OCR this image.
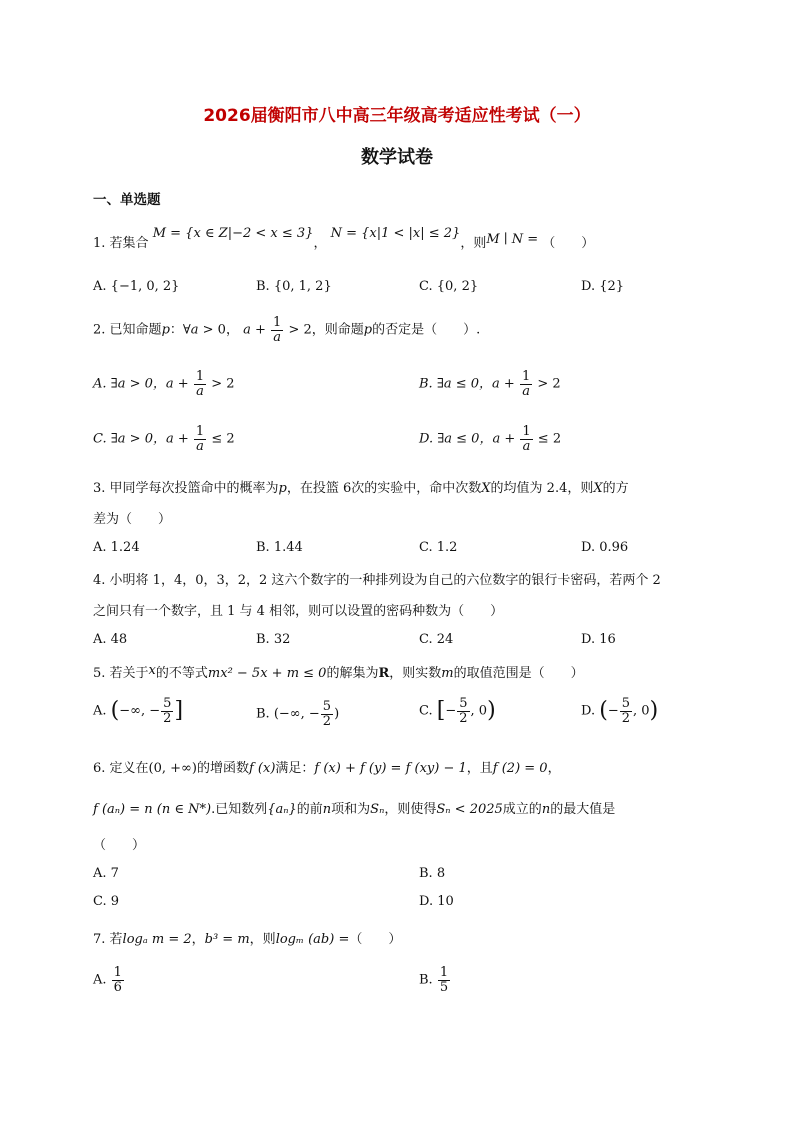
2026届衡阳市八中高三年级高考适应性考试（一）
数学试卷
一、单选题
1. 若集合 M = {x ∈ Z|−2 < x ≤ 3}， N = {x|1 < |x| ≤ 2}，则M ∣ N = （　　）
A. {−1, 0, 2}	B. {0, 1, 2}	C. {0, 2}	D. {2}
2. 已知命题p：∀a > 0， $a + \frac{1}{a} > 2$，则命题p的否定是（　　）.
A. ∃a > 0，$a + \frac{1}{a} > 2$	B. ∃a ≤ 0，$a + \frac{1}{a} > 2$
C. ∃a > 0，$a + \frac{1}{a} \le 2$	D. ∃a ≤ 0，$a + \frac{1}{a} \le 2$
3. 甲同学每次投篮命中的概率为p，在投篮 6次的实验中，命中次数X的均值为 2.4，则X的方
差为（　　）
A. 1.24	B. 1.44	C. 1.2	D. 0.96
4. 小明将 1，4，0，3，2，2 这六个数字的一种排列设为自己的六位数字的银行卡密码，若两个 2
之间只有一个数字，且 1 与 4 相邻，则可以设置的密码种数为（　　）
A. 48	B. 32	C. 24	D. 16
5. 若关于x的不等式mx² − 5x + m ≤ 0的解集为R，则实数m的取值范围是（　　）
A. (−∞, − $\frac{5}{2}$ ]	B. (−∞, − $\frac{5}{2}$ )	C. [− $\frac{5}{2}$ , 0)	D. (− $\frac{5}{2}$ , 0)
6. 定义在(0, +∞)的增函数f (x)满足：f (x) + f (y) = f (xy) − 1，且f (2) = 0，
f (aₙ) = n (n ∈ N*).已知数列{aₙ}的前n项和为Sₙ，则使得Sₙ < 2025成立的n的最大值是
（　　）
A. 7	B. 8
C. 9	D. 10
7. 若logₐ m = 2，b³ = m，则logₘ (ab) =（　　）
A. $\frac{1}{6}$	B. $\frac{1}{5}$
